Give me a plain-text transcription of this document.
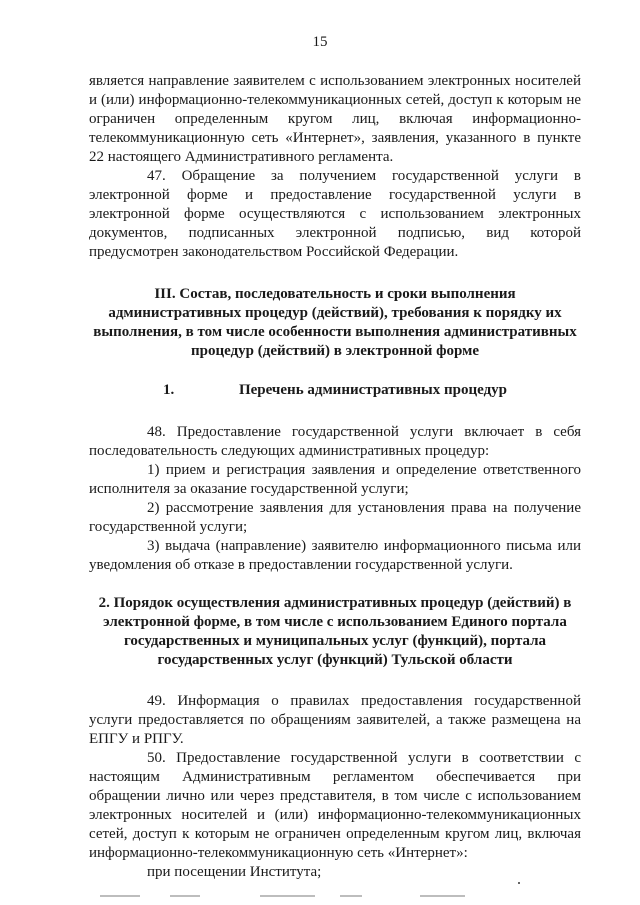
15

является направление заявителем с использованием электронных носителей и (или) информационно-телекоммуникационных сетей, доступ к которым не ограничен определенным кругом лиц, включая информационно-телекоммуникационную сеть «Интернет», заявления, указанного в пункте 22 настоящего Административного регламента.

47. Обращение за получением государственной услуги в электронной форме и предоставление государственной услуги в электронной форме осуществляются с использованием электронных документов, подписанных электронной подписью, вид которой предусмотрен законодательством Российской Федерации.

III. Состав, последовательность и сроки выполнения административных процедур (действий), требования к порядку их выполнения, в том числе особенности выполнения административных процедур (действий) в электронной форме

1.	Перечень административных процедур

48. Предоставление государственной услуги включает в себя последовательность следующих административных процедур:

1) прием и регистрация заявления и определение ответственного исполнителя за оказание государственной услуги;

2) рассмотрение заявления для установления права на получение государственной услуги;

3) выдача (направление) заявителю информационного письма или уведомления об отказе в предоставлении государственной услуги.

2. Порядок осуществления административных процедур (действий) в электронной форме, в том числе с использованием Единого портала государственных и муниципальных услуг (функций), портала государственных услуг (функций) Тульской области

49. Информация о правилах предоставления государственной услуги предоставляется по обращениям заявителей, а также размещена на ЕПГУ и РПГУ.

50. Предоставление государственной услуги в соответствии с настоящим Административным регламентом обеспечивается при обращении лично или через представителя, в том числе с использованием электронных носителей и (или) информационно-телекоммуникационных сетей, доступ к которым не ограничен определенным кругом лиц, включая информационно-телекоммуникационную сеть «Интернет»:

при посещении Института;
